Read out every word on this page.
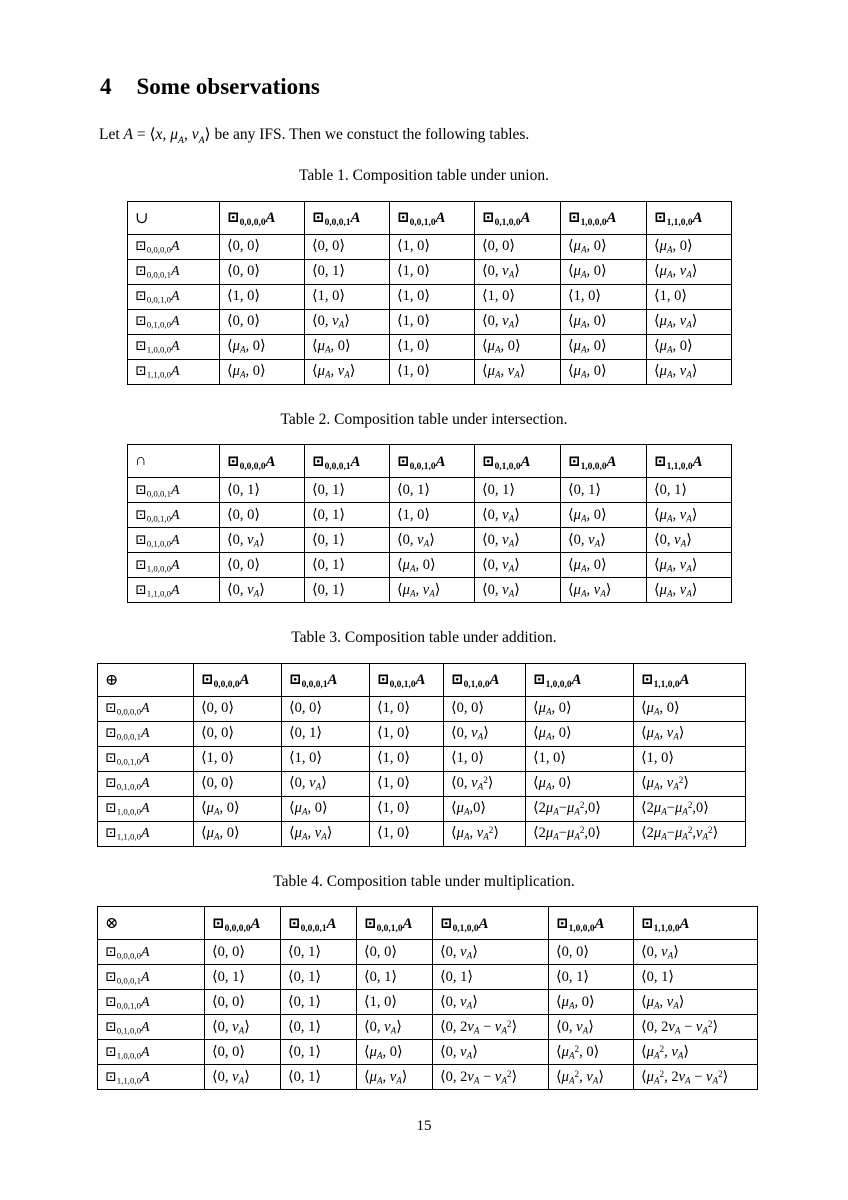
4 Some observations

Let A = ⟨x, $\mu_A$, $\nu_A⟩$ be any IFS. Then we constuct the following tables.

Table 1. Composition table under union.
∪	$⊡_{0,0,0,0}A$	$⊡_{0,0,0,1}A$	$⊡_{0,0,1,0}A$	$⊡_{0,1,0,0}A$	$⊡_{1,0,0,0}A$	$⊡_{1,1,0,0}A$
$⊡_{0,0,0,0}A$	⟨0, 0⟩	⟨0, 0⟩	⟨1, 0⟩	⟨0, 0⟩	$⟨\mu_A$, 0⟩	$⟨\mu_A$, 0⟩
$⊡_{0,0,0,1}A$	⟨0, 0⟩	⟨0, 1⟩	⟨1, 0⟩	⟨0, $\nu_A⟩$	$⟨\mu_A$, 0⟩	$⟨\mu_A$, $\nu_A⟩$
$⊡_{0,0,1,0}A$	⟨1, 0⟩	⟨1, 0⟩	⟨1, 0⟩	⟨1, 0⟩	⟨1, 0⟩	⟨1, 0⟩
$⊡_{0,1,0,0}A$	⟨0, 0⟩	⟨0, $\nu_A⟩$	⟨1, 0⟩	⟨0, $\nu_A⟩$	$⟨\mu_A$, 0⟩	$⟨\mu_A$, $\nu_A⟩$
$⊡_{1,0,0,0}A$	$⟨\mu_A$, 0⟩	$⟨\mu_A$, 0⟩	⟨1, 0⟩	$⟨\mu_A$, 0⟩	$⟨\mu_A$, 0⟩	$⟨\mu_A$, 0⟩
$⊡_{1,1,0,0}A$	$⟨\mu_A$, 0⟩	$⟨\mu_A$, $\nu_A⟩$	⟨1, 0⟩	$⟨\mu_A$, $\nu_A⟩$	$⟨\mu_A$, 0⟩	$⟨\mu_A$, $\nu_A⟩$
Table 2. Composition table under intersection.
∩	$⊡_{0,0,0,0}A$	$⊡_{0,0,0,1}A$	$⊡_{0,0,1,0}A$	$⊡_{0,1,0,0}A$	$⊡_{1,0,0,0}A$	$⊡_{1,1,0,0}A$
$⊡_{0,0,0,1}A$	⟨0, 1⟩	⟨0, 1⟩	⟨0, 1⟩	⟨0, 1⟩	⟨0, 1⟩	⟨0, 1⟩
$⊡_{0,0,1,0}A$	⟨0, 0⟩	⟨0, 1⟩	⟨1, 0⟩	⟨0, $\nu_A⟩$	$⟨\mu_A$, 0⟩	$⟨\mu_A$, $\nu_A⟩$
$⊡_{0,1,0,0}A$	⟨0, $\nu_A⟩$	⟨0, 1⟩	⟨0, $\nu_A⟩$	⟨0, $\nu_A⟩$	⟨0, $\nu_A⟩$	⟨0, $\nu_A⟩$
$⊡_{1,0,0,0}A$	⟨0, 0⟩	⟨0, 1⟩	$⟨\mu_A$, 0⟩	⟨0, $\nu_A⟩$	$⟨\mu_A$, 0⟩	$⟨\mu_A$, $\nu_A⟩$
$⊡_{1,1,0,0}A$	⟨0, $\nu_A⟩$	⟨0, 1⟩	$⟨\mu_A$, $\nu_A⟩$	⟨0, $\nu_A⟩$	$⟨\mu_A$, $\nu_A⟩$	$⟨\mu_A$, $\nu_A⟩$
Table 3. Composition table under addition.
⊕	$⊡_{0,0,0,0}A$	$⊡_{0,0,0,1}A$	$⊡_{0,0,1,0}A$	$⊡_{0,1,0,0}A$	$⊡_{1,0,0,0}A$	$⊡_{1,1,0,0}A$
$⊡_{0,0,0,0}A$	⟨0, 0⟩	⟨0, 0⟩	⟨1, 0⟩	⟨0, 0⟩	$⟨\mu_A$, 0⟩	$⟨\mu_A$, 0⟩
$⊡_{0,0,0,1}A$	⟨0, 0⟩	⟨0, 1⟩	⟨1, 0⟩	⟨0, $\nu_A⟩$	$⟨\mu_A$, 0⟩	$⟨\mu_A$, $\nu_A⟩$
$⊡_{0,0,1,0}A$	⟨1, 0⟩	⟨1, 0⟩	⟨1, 0⟩	⟨1, 0⟩	⟨1, 0⟩	⟨1, 0⟩
$⊡_{0,1,0,0}A$	⟨0, 0⟩	⟨0, $\nu_A⟩$	⟨1, 0⟩	⟨0, $\nu_A^2⟩$	$⟨\mu_A$, 0⟩	$⟨\mu_A$, $\nu_A^2⟩$
$⊡_{1,0,0,0}A$	$⟨\mu_A$, 0⟩	$⟨\mu_A$, 0⟩	⟨1, 0⟩	$⟨\mu_A,0⟩$	$⟨2\mu_A-\mu_A^2,0⟩$	$⟨2\mu_A-\mu_A^2,0⟩$
$⊡_{1,1,0,0}A$	$⟨\mu_A$, 0⟩	$⟨\mu_A$, $\nu_A⟩$	⟨1, 0⟩	$⟨\mu_A$, $\nu_A^2⟩$	$⟨2\mu_A-\mu_A^2,0⟩$	$⟨2\mu_A-\mu_A^2,\nu_A^2⟩$
Table 4. Composition table under multiplication.
⊗	$⊡_{0,0,0,0}A$	$⊡_{0,0,0,1}A$	$⊡_{0,0,1,0}A$	$⊡_{0,1,0,0}A$	$⊡_{1,0,0,0}A$	$⊡_{1,1,0,0}A$
$⊡_{0,0,0,0}A$	⟨0, 0⟩	⟨0, 1⟩	⟨0, 0⟩	⟨0, $\nu_A⟩$	⟨0, 0⟩	⟨0, $\nu_A⟩$
$⊡_{0,0,0,1}A$	⟨0, 1⟩	⟨0, 1⟩	⟨0, 1⟩	⟨0, 1⟩	⟨0, 1⟩	⟨0, 1⟩
$⊡_{0,0,1,0}A$	⟨0, 0⟩	⟨0, 1⟩	⟨1, 0⟩	⟨0, $\nu_A⟩$	$⟨\mu_A$, 0⟩	$⟨\mu_A$, $\nu_A⟩$
$⊡_{0,1,0,0}A$	⟨0, $\nu_A⟩$	⟨0, 1⟩	⟨0, $\nu_A⟩$	⟨0, $2\nu_A$ − $\nu_A^2⟩$	⟨0, $\nu_A⟩$	⟨0, $2\nu_A$ − $\nu_A^2⟩$
$⊡_{1,0,0,0}A$	⟨0, 0⟩	⟨0, 1⟩	$⟨\mu_A$, 0⟩	⟨0, $\nu_A⟩$	$⟨\mu_A^2$, 0⟩	$⟨\mu_A^2$, $\nu_A⟩$
$⊡_{1,1,0,0}A$	⟨0, $\nu_A⟩$	⟨0, 1⟩	$⟨\mu_A$, $\nu_A⟩$	⟨0, $2\nu_A$ − $\nu_A^2⟩$	$⟨\mu_A^2$, $\nu_A⟩$	$⟨\mu_A^2$, $2\nu_A$ − $\nu_A^2⟩$
15
